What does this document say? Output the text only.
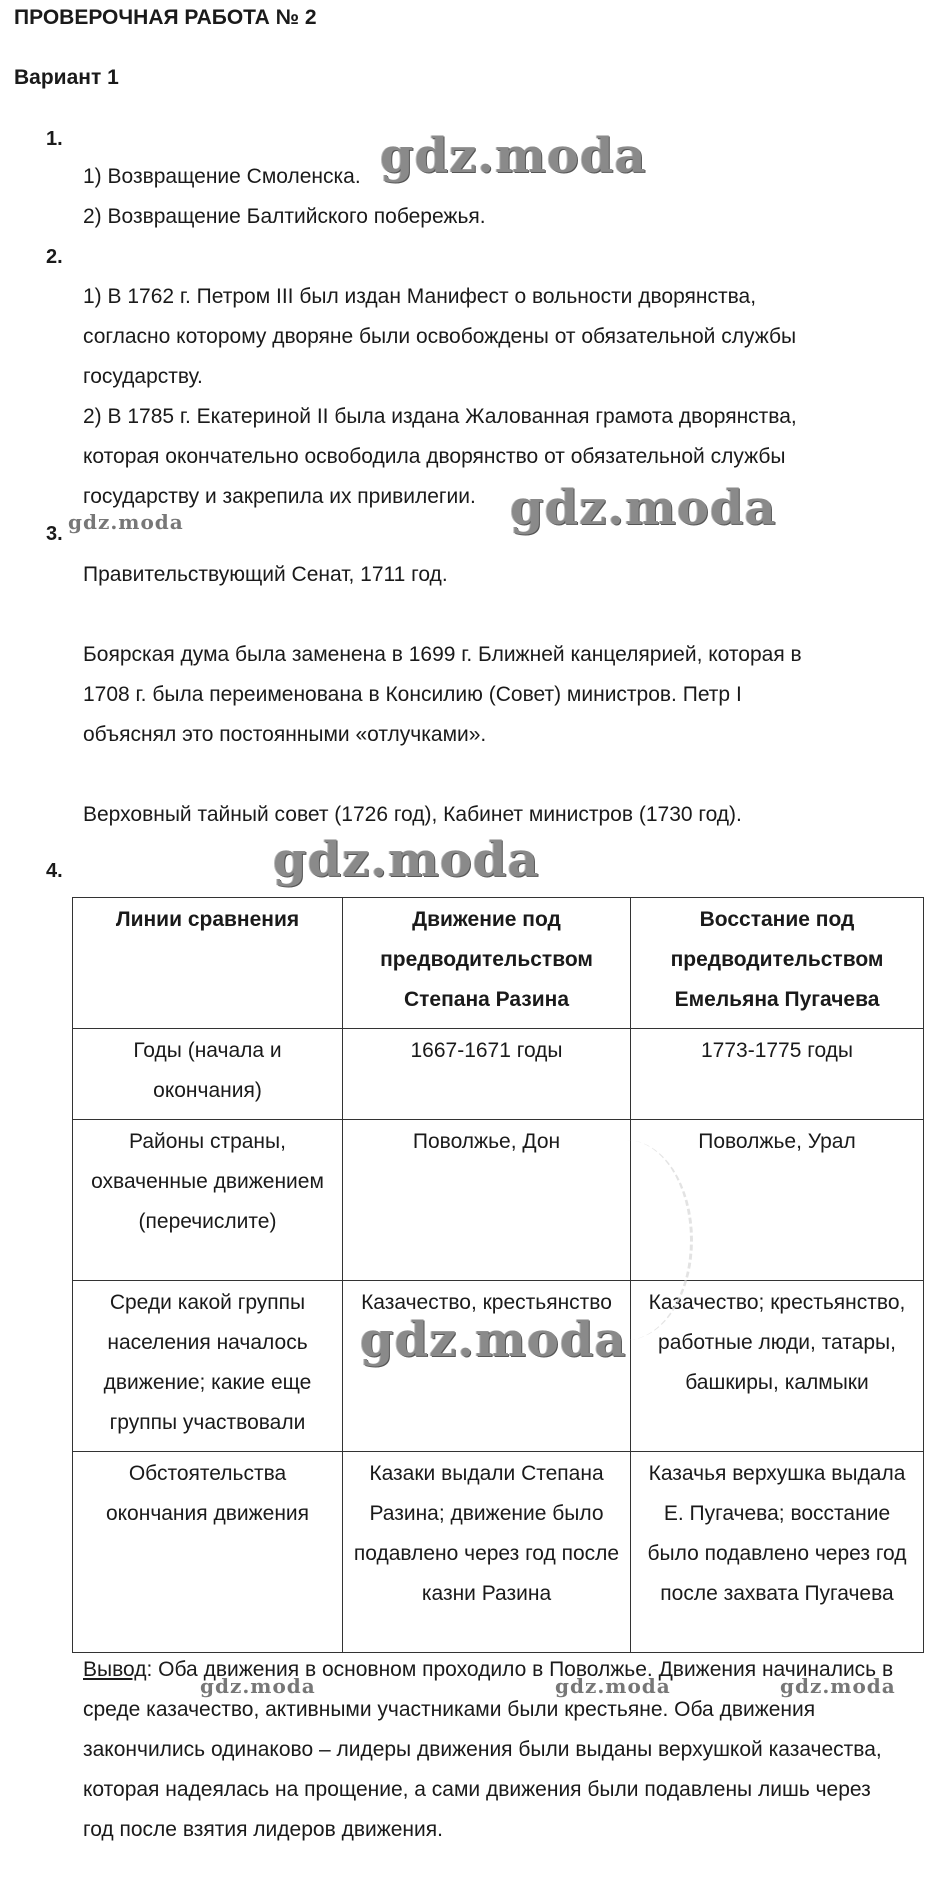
ПРОВЕРОЧНАЯ РАБОТА № 2
Вариант 1
1.
1) Возвращение Смоленска.
2) Возвращение Балтийского побережья.
2.
1) В 1762 г. Петром III был издан Манифест о вольности дворянства,
согласно которому дворяне были освобождены от обязательной службы
государству.
2) В 1785 г. Екатериной II была издана Жалованная грамота дворянства,
которая окончательно освободила дворянство от обязательной службы
государству и закрепила их привилегии.
3.
Правительствующий Сенат, 1711 год.
Боярская дума была заменена в 1699 г. Ближней канцелярией, которая в
1708 г. была переименована в Консилию (Совет) министров. Петр I
объяснял это постоянными «отлучками».
Верховный тайный совет (1726 год), Кабинет министров (1730 год).
4.
Линии сравнения	Движение под предводительством Степана Разина	Восстание под предводительством Емельяна Пугачева
Годы (начала и окончания)	1667-1671 годы	1773-1775 годы
Районы страны, охваченные движением (перечислите)	Поволжье, Дон	Поволжье, Урал
Среди какой группы населения началось движение; какие еще группы участвовали	Казачество, крестьянство	Казачество; крестьянство, работные люди, татары, башкиры, калмыки
Обстоятельства окончания движения	Казаки выдали Степана Разина; движение было подавлено через год после казни Разина	Казачья верхушка выдала Е. Пугачева; восстание было подавлено через год после захвата Пугачева
Вывод: Оба движения в основном проходило в Поволжье. Движения начинались в среде казачество, активными участниками были крестьяне. Оба движения закончились одинаково – лидеры движения были выданы верхушкой казачества, которая надеялась на прощение, а сами движения были подавлены лишь через год после взятия лидеров движения.
gdz.moda
gdz.moda
gdz.moda
gdz.moda
gdz.moda
gdz.moda	gdz.moda	gdz.moda
